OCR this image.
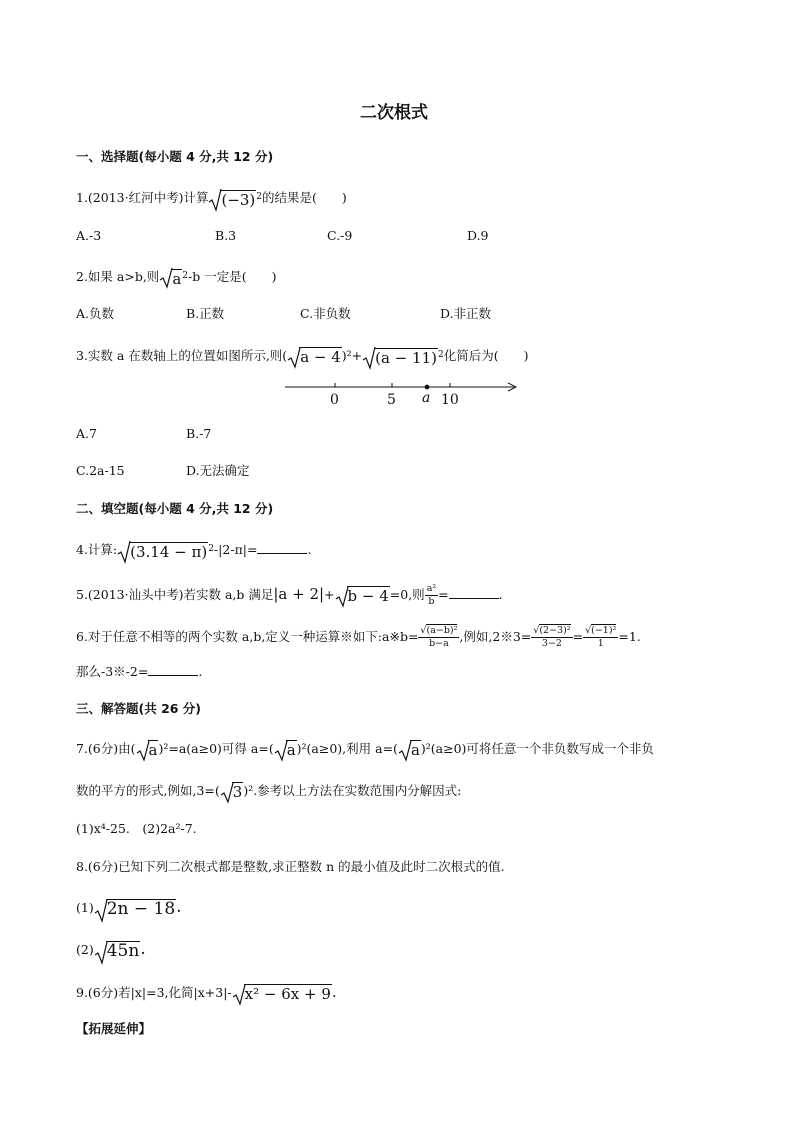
二次根式
一、选择题(每小题 4 分,共 12 分)
1.(2013·红河中考)计算 $(-3)^2$的结果是(　　)
A.-3	B.3	C.-9	D.9
2.如果 a>b,则 $a^2-b$ 一定是(　　)
A.负数	B.正数	C.非负数	D.非正数
3.实数 a 在数轴上的位置如图所示,则( $a - 4)^2+ (a - 11)^2$化简后为(　　)
0	5 a 10
A.7	B.-7
C.2a-15	D.无法确定
二、填空题(每小题 4 分,共 12 分)
4.计算: $(3.14 - \pi)^2-|2-\pi|=$	.
5.(2013·汕头中考)若实数 a,b 满足|a + 2|+ b − 4=0,则 $\frac{\text{a²}}{b}$ =	.
6.对于任意不相等的两个实数 a,b,定义一种运算※如下:a※b= $\frac{\text{√(a−b)²}}{b-a}$ ,例如,2※3= $\frac{\text{√(2−3)²}}{3-2} = \frac{\text{√(−1)²}}{1} =1$.
那么-3※-2=	.
三、解答题(共 26 分)
7.(6分)由( a)²=a(a≥0)可得 a=( a)²(a≥0),利用 a=( a)²(a≥0)可将任意一个非负数写成一个非负
数的平方的形式,例如,3=( 3)².参考以上方法在实数范围内分解因式:
(1)x⁴-25.　(2)2a²-7.
8.(6分)已知下列二次根式都是整数,求正整数 n 的最小值及此时二次根式的值.
(1) 2n − 18.
(2) 45n.
9.(6分)若|x|=3,化简|x+3|- x² − 6x + 9.
【拓展延伸】
